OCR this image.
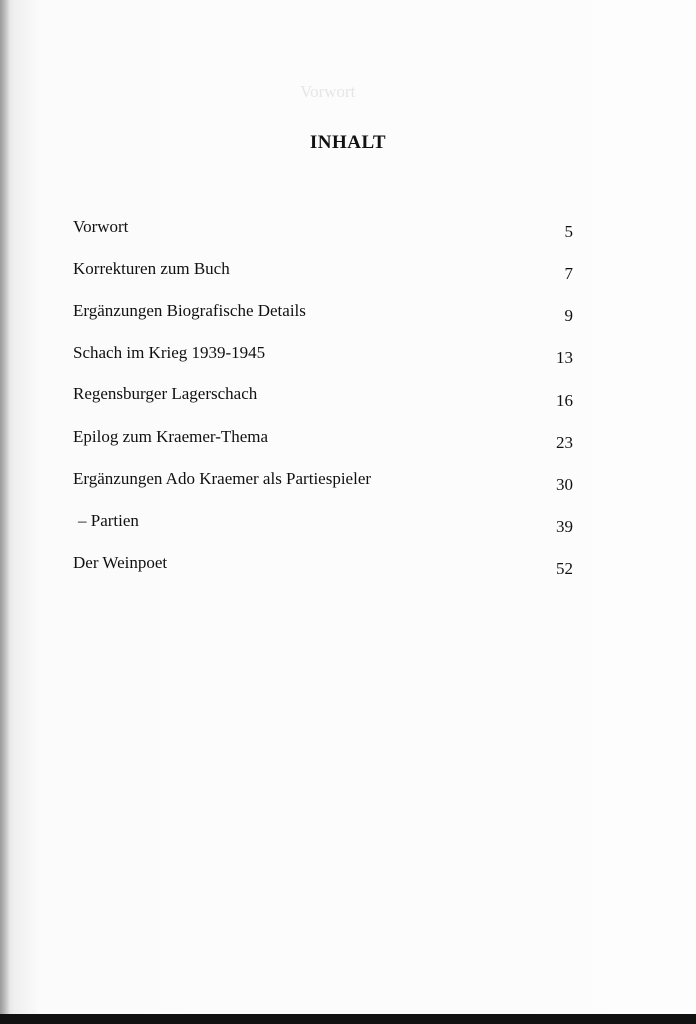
Vorwort
INHALT
Vorwort	5
Korrekturen zum Buch	7
Ergänzungen Biografische Details	9
Schach im Krieg 1939-1945	13
Regensburger Lagerschach	16
Epilog zum Kraemer-Thema	23
Ergänzungen Ado Kraemer als Partiespieler	30
– Partien	39
Der Weinpoet	52
